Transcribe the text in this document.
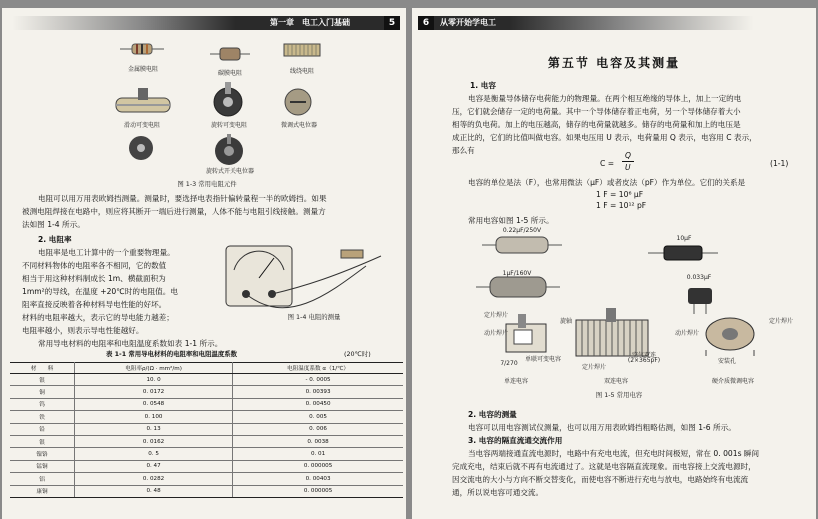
第一章 电工入门基础	5
金属膜电阻
碳膜电阻	线绕电阻
滑动可变电阻	旋转可变电阻	微调式电位器
旋转式开关电位器
图 1-3 常用电阻元件
电阻可以用万用表欧姆挡测量。测量时，要选择电表指针偏转量程一半的欧姆挡。如果
被测电阻焊接在电路中，则应将其断开一端后进行测量，人体不能与电阻引线接触。测量方
法如图 1-4 所示。
2. 电阻率
电阻率是电工计算中的一个重要物理量。
不同材料物体的电阻率各不相同，它的数值
相当于用这种材料制成长 1m、横截面积为
1mm²的导线，在温度 +20℃时的电阻值。电
阻率直接反映着各种材料导电性能的好坏。
材料的电阻率越大，表示它的导电能力越差；
电阻率越小，则表示导电性能越好。
图 1-4 电阻的测量
常用导电材料的电阻率和电阻温度系数如表 1-1 所示。
表 1-1 常用导电材料的电阻率和电阻温度系数	(20℃时)
材　　料	电阻率ρ/(Ω · mm²/m)	电阻温度系数 α（1/℃）
银	10. 0	- 0. 0005
铜	0. 0172	0. 00393
钨	0. 0548	0. 00450
铁	0. 100	0. 005
铅	0. 13	0. 006
银	0. 0162	0. 0038
镍铬	0. 5	0. 01
锰铜	0. 47	0. 000005
铝	0. 0282	0. 00403
康铜	0. 48	0. 000005
6	从零开始学电工
第五节 电容及其测量
1. 电容
电容是衡量导体储存电荷能力的物理量。在两个相互绝缘的导体上，加上一定的电
压，它们就会储存一定的电荷量。其中一个导体储存着正电荷，另一个导体储存着大小
相等的负电荷。加上的电压越高，储存的电荷量就越多。储存的电荷量和加上的电压是
成正比的，它们的比值叫做电容。如果电压用 U 表示，电荷量用 Q 表示，电容用 C 表示，
那么有
C =
Q
U	(1-1)
电容的单位是法（F），也常用微法（μF）或者皮法（pF）作为单位。它们的关系是
1 F = 10⁶ μF
1 F = 10¹² pF
常用电容如图 1-5 所示。
0.22μF/250V
10μF
1μF/160V
0.033μF
定片焊片
动片焊片
旋轴
7/270
单联可变电容
定片焊片
空气双连
(2×365pF)
动片焊片
定片焊片
安装孔
单连电容	双连电容	硬介质微调电容
图 1-5 常用电容
2. 电容的测量
电容可以用电容测试仪测量，也可以用万用表欧姆挡粗略估测，如图 1-6 所示。
3. 电容的隔直流通交流作用
当电容两端接通直流电源时，电路中有充电电流，但充电时间极短，常在 0. 001s 瞬间
完成充电，结束后就不再有电流通过了。这就是电容隔直流现象。而电容接上交流电源时，
因交流电的大小与方向不断交替变化，而使电容不断进行充电与放电，电路始终有电流流
通，所以说电容可通交流。
